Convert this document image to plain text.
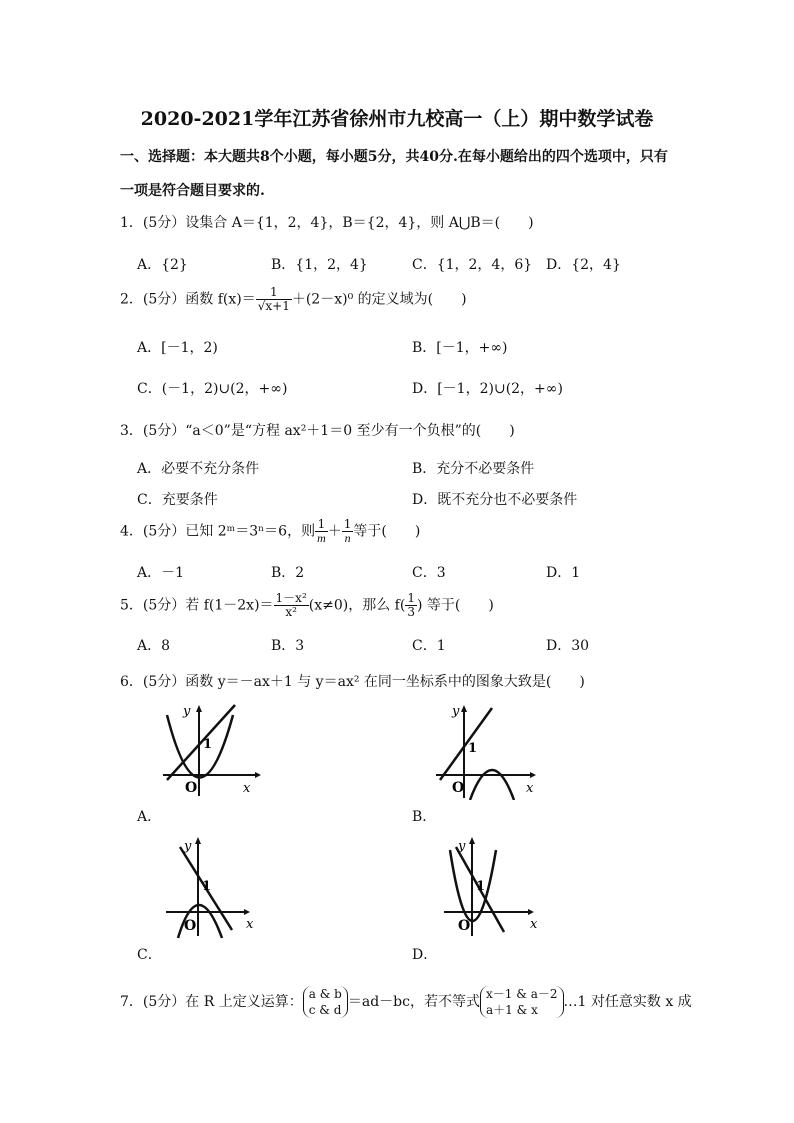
2020-2021学年江苏省徐州市九校高一（上）期中数学试卷
一、选择题：本大题共8个小题，每小题5分，共40分.在每小题给出的四个选项中，只有
一项是符合题目要求的.
1．(5分）设集合 A＝{1，2，4}，B＝{2，4}，则 A⋃B＝(　　)
A．{2}	B．{1，2，4}	C．{1，2，4，6} D．{2，4}
2．(5分）函数 $f(x)= \frac{1}{√x+1} +(2-x)^0$ 的定义域为(　　)
A．[－1，2)	B．[－1，+∞)
C．(－1，2)∪(2，+∞)	D．[－1，2)∪(2，+∞)
3．(5分）“a＜0”是“方程 ax²＋1＝0 至少有一个负根”的(　　)
A．必要不充分条件	B．充分不必要条件
C．充要条件	D．既不充分也不必要条件
4．(5分）已知 2ᵐ＝3ⁿ＝6，则 $\frac{1}{m} + \frac{1}{n}$ 等于(　　)
A．－1	B．2	C．3	D．1
5．(5分）若 $f(1-2x)= \frac{\text{1－x²}}{\text{x²}} (x\ne 0)$，那么 $f( \frac{1}{3}$ ) 等于(　　)
A．8	B．3	C．1	D．30
6．(5分）函数 y＝－ax＋1 与 y＝ax² 在同一坐标系中的图象大致是(　　)
y
x
O
1
A．
y
x
O
1
B．
y
x
O
1
C．
y
x
O
1
D．
7．(5分）在 R 上定义运算： a & b
c & d ＝ad－bc，若不等式 x－1 & a－2
a＋1 & x	…1 对任意实数 x 成
